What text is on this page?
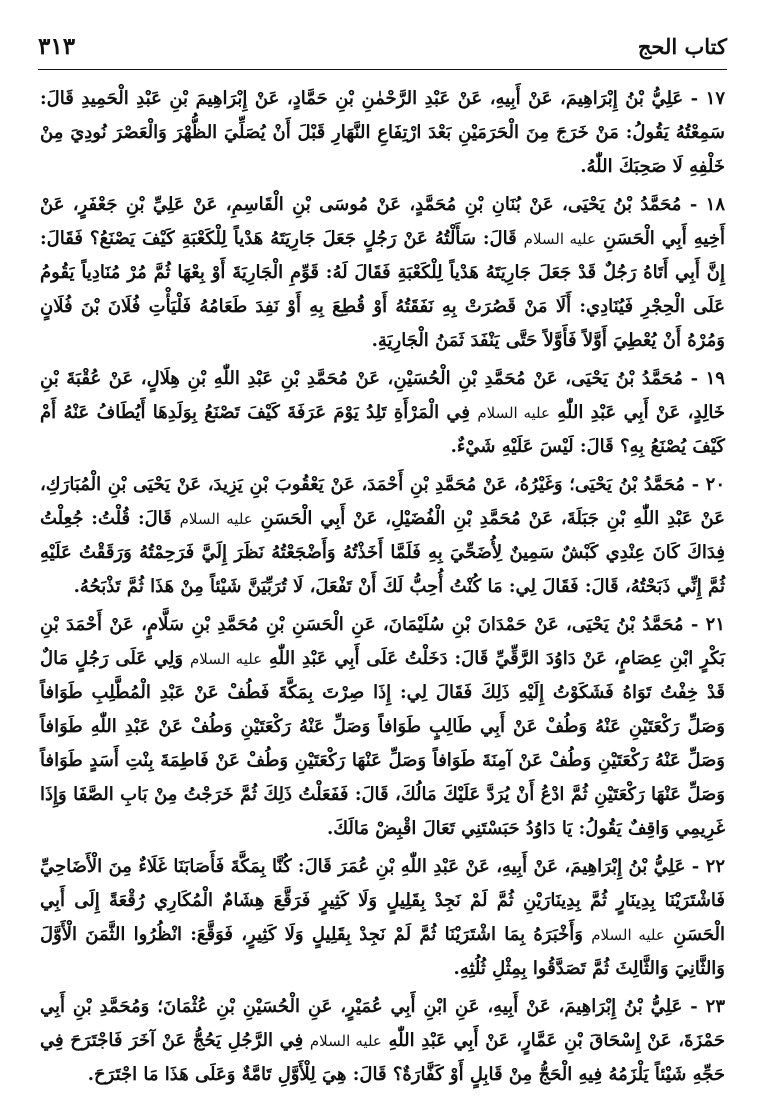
كتاب الحج
٣١٣

١٧ - عَلِيُّ بْنُ إِبْرَاهِيمَ، عَنْ أَبِيهِ، عَنْ عَبْدِ الرَّحْمٰنِ بْنِ حَمَّادٍ، عَنْ إِبْرَاهِيمَ بْنِ عَبْدِ الْحَمِيدِ قَالَ: سَمِعْتُهُ يَقُولُ: مَنْ خَرَجَ مِنَ الْحَرَمَيْنِ بَعْدَ ارْتِفَاعِ النَّهَارِ قَبْلَ أَنْ يُصَلِّيَ الظُّهْرَ وَالْعَصْرَ نُودِيَ مِنْ خَلْفِهِ لَا صَحِبَكَ اللّٰهُ.

١٨ - مُحَمَّدُ بْنُ يَحْيَى، عَنْ بُنَانِ بْنِ مُحَمَّدٍ، عَنْ مُوسَى بْنِ الْقَاسِمِ، عَنْ عَلِيِّ بْنِ جَعْفَرٍ، عَنْ أَخِيهِ أَبِي الْحَسَنِ عليه السلام قَالَ: سَأَلْتُهُ عَنْ رَجُلٍ جَعَلَ جَارِيَتَهُ هَدْياً لِلْكَعْبَةِ كَيْفَ يَصْنَعُ؟ فَقَالَ: إِنَّ أَبِي أَتَاهُ رَجُلٌ قَدْ جَعَلَ جَارِيَتَهُ هَدْياً لِلْكَعْبَةِ فَقَالَ لَهُ: قَوِّمِ الْجَارِيَةَ أَوْ بِعْهَا ثُمَّ مُرْ مُنَادِياً يَقُومُ عَلَى الْحِجْرِ فَيُنَادِي: أَلَا مَنْ قَصُرَتْ بِهِ نَفَقَتُهُ أَوْ قُطِعَ بِهِ أَوْ نَفِدَ طَعَامُهُ فَلْيَأْتِ فُلَانَ بْنَ فُلَانٍ وَمُرْهُ أَنْ يُعْطِيَ أَوَّلاً فَأَوَّلاً حَتَّى يَنْفَدَ ثَمَنُ الْجَارِيَةِ.

١٩ - مُحَمَّدُ بْنُ يَحْيَى، عَنْ مُحَمَّدِ بْنِ الْحُسَيْنِ، عَنْ مُحَمَّدِ بْنِ عَبْدِ اللّٰهِ بْنِ هِلَالٍ، عَنْ عُقْبَةَ بْنِ خَالِدٍ، عَنْ أَبِي عَبْدِ اللّٰهِ عليه السلام فِي الْمَرْأَةِ تَلِدُ يَوْمَ عَرَفَةَ كَيْفَ تَصْنَعُ بِوَلَدِهَا أَيُطَافُ عَنْهُ أَمْ كَيْفَ يُصْنَعُ بِهِ؟ قَالَ: لَيْسَ عَلَيْهِ شَيْءٌ.

٢٠ - مُحَمَّدُ بْنُ يَحْيَى؛ وَغَيْرُهُ، عَنْ مُحَمَّدِ بْنِ أَحْمَدَ، عَنْ يَعْقُوبَ بْنِ يَزِيدَ، عَنْ يَحْيَى بْنِ الْمُبَارَكِ، عَنْ عَبْدِ اللّٰهِ بْنِ جَبَلَةَ، عَنْ مُحَمَّدِ بْنِ الْفُضَيْلِ، عَنْ أَبِي الْحَسَنِ عليه السلام قَالَ: قُلْتُ: جُعِلْتُ فِدَاكَ كَانَ عِنْدِي كَبْشٌ سَمِينٌ لِأُضَحِّيَ بِهِ فَلَمَّا أَخَذْتُهُ وَأَضْجَعْتُهُ نَظَرَ إِلَيَّ فَرَحِمْتُهُ وَرَقَقْتُ عَلَيْهِ ثُمَّ إِنِّي ذَبَحْتُهُ، قَالَ: فَقَالَ لِي: مَا كُنْتُ أُحِبُّ لَكَ أَنْ تَفْعَلَ، لَا تُرَبِّيَنَّ شَيْئاً مِنْ هَذَا ثُمَّ تَذْبَحُهُ.

٢١ - مُحَمَّدُ بْنُ يَحْيَى، عَنْ حَمْدَانَ بْنِ سُلَيْمَانَ، عَنِ الْحَسَنِ بْنِ مُحَمَّدِ بْنِ سَلَّامٍ، عَنْ أَحْمَدَ بْنِ بَكْرٍ ابْنِ عِصَامٍ، عَنْ دَاوُدَ الرَّقِّيِّ قَالَ: دَخَلْتُ عَلَى أَبِي عَبْدِ اللّٰهِ عليه السلام وَلِي عَلَى رَجُلٍ مَالٌ قَدْ خِفْتُ تَوَاهُ فَشَكَوْتُ إِلَيْهِ ذَلِكَ فَقَالَ لِي: إِذَا صِرْتَ بِمَكَّةَ فَطُفْ عَنْ عَبْدِ الْمُطَّلِبِ طَوَافاً وَصَلِّ رَكْعَتَيْنِ عَنْهُ وَطُفْ عَنْ أَبِي طَالِبٍ طَوَافاً وَصَلِّ عَنْهُ رَكْعَتَيْنِ وَطُفْ عَنْ عَبْدِ اللّٰهِ طَوَافاً وَصَلِّ عَنْهُ رَكْعَتَيْنِ وَطُفْ عَنْ آمِنَةَ طَوَافاً وَصَلِّ عَنْهَا رَكْعَتَيْنِ وَطُفْ عَنْ فَاطِمَةَ بِنْتِ أَسَدٍ طَوَافاً وَصَلِّ عَنْهَا رَكْعَتَيْنِ ثُمَّ ادْعُ أَنْ يُرَدَّ عَلَيْكَ مَالُكَ، قَالَ: فَفَعَلْتُ ذَلِكَ ثُمَّ خَرَجْتُ مِنْ بَابِ الصَّفَا وَإِذَا غَرِيمِي وَاقِفٌ يَقُولُ: يَا دَاوُدُ حَبَسْتَنِي تَعَالَ اقْبِضْ مَالَكَ.

٢٢ - عَلِيُّ بْنُ إِبْرَاهِيمَ، عَنْ أَبِيهِ، عَنْ عَبْدِ اللّٰهِ بْنِ عُمَرَ قَالَ: كُنَّا بِمَكَّةَ فَأَصَابَنَا غَلَاءٌ مِنَ الْأَضَاحِيِّ فَاشْتَرَيْنَا بِدِينَارٍ ثُمَّ بِدِينَارَيْنِ ثُمَّ لَمْ نَجِدْ بِقَلِيلٍ وَلَا كَثِيرٍ فَرَقَّعَ هِشَامٌ الْمُكَارِي رُقْعَةً إِلَى أَبِي الْحَسَنِ عليه السلام وَأَخْبَرَهُ بِمَا اشْتَرَيْنَا ثُمَّ لَمْ نَجِدْ بِقَلِيلٍ وَلَا كَثِيرٍ، فَوَقَّعَ: انْظُرُوا الثَّمَنَ الْأَوَّلَ وَالثَّانِيَ وَالثَّالِثَ ثُمَّ تَصَدَّقُوا بِمِثْلِ ثُلُثِهِ.

٢٣ - عَلِيُّ بْنُ إِبْرَاهِيمَ، عَنْ أَبِيهِ، عَنِ ابْنِ أَبِي عُمَيْرٍ، عَنِ الْحُسَيْنِ بْنِ عُثْمَانَ؛ وَمُحَمَّدِ بْنِ أَبِي حَمْزَةَ، عَنْ إِسْحَاقَ بْنِ عَمَّارٍ، عَنْ أَبِي عَبْدِ اللّٰهِ عليه السلام فِي الرَّجُلِ يَحُجُّ عَنْ آخَرَ فَاجْتَرَحَ فِي حَجِّهِ شَيْئاً يَلْزَمُهُ فِيهِ الْحَجُّ مِنْ قَابِلٍ أَوْ كَفَّارَةٌ؟ قَالَ: هِيَ لِلْأَوَّلِ تَامَّةٌ وَعَلَى هَذَا مَا اجْتَرَحَ.
